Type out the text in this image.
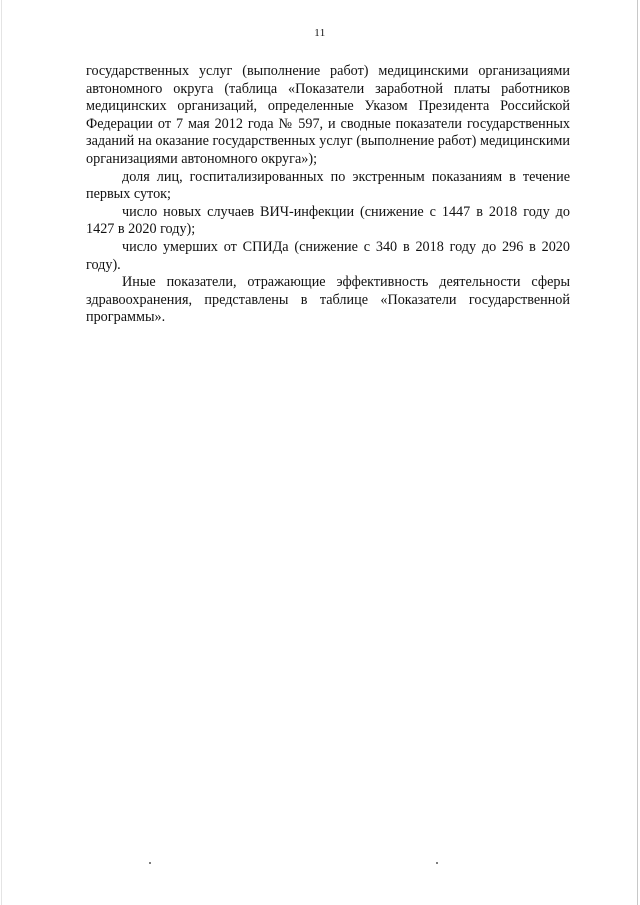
11

государственных услуг (выполнение работ) медицинскими организациями автономного округа (таблица «Показатели заработной платы работников медицинских организаций, определенные Указом Президента Российской Федерации от 7 мая 2012 года № 597, и сводные показатели государственных заданий на оказание государственных услуг (выполнение работ) медицинскими организациями автономного округа»);

доля лиц, госпитализированных по экстренным показаниям в течение первых суток;

число новых случаев ВИЧ-инфекции (снижение с 1447 в 2018 году до 1427 в 2020 году);

число умерших от СПИДа (снижение с 340 в 2018 году до 296 в 2020 году).

Иные показатели, отражающие эффективность деятельности сферы здравоохранения, представлены в таблице «Показатели государственной программы».
